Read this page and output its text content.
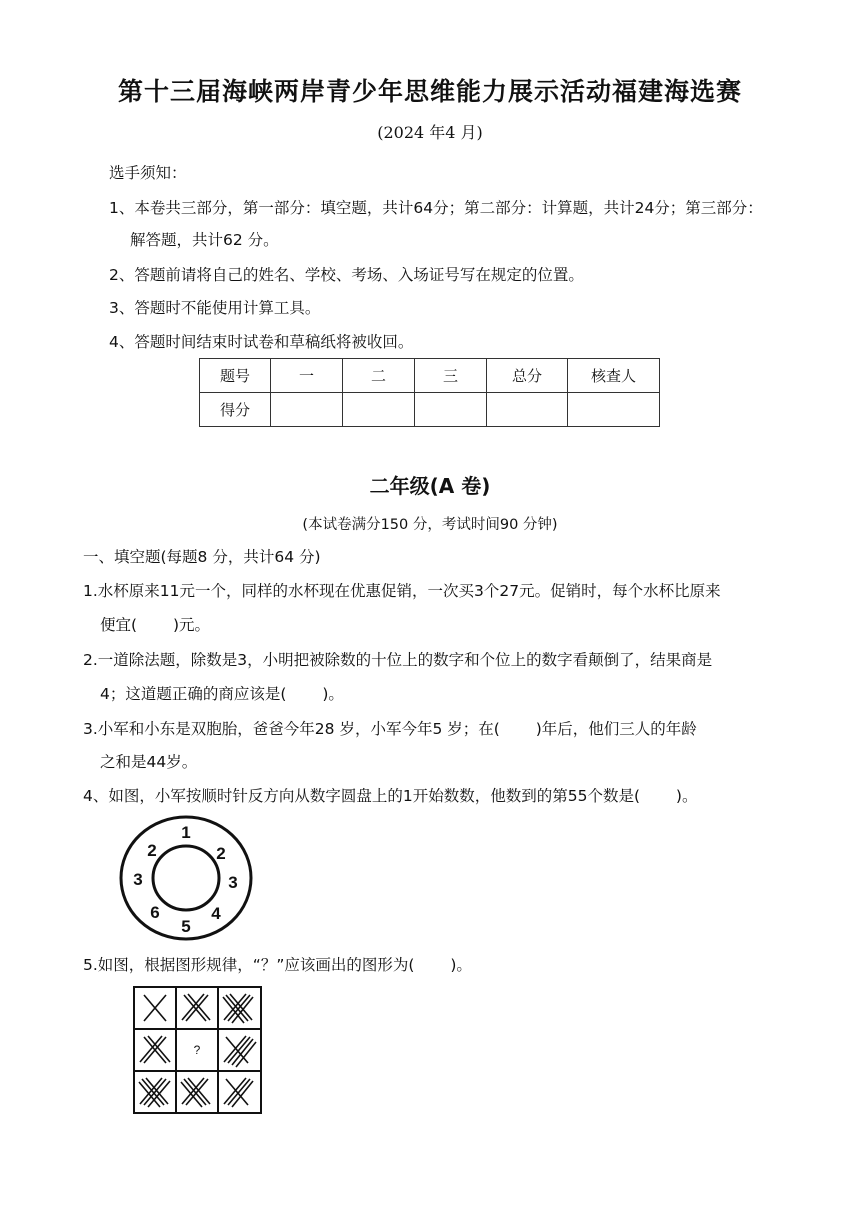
第十三届海峡两岸青少年思维能力展示活动福建海选赛
(2024 年4 月)
选手须知：
1、本卷共三部分，第一部分：填空题，共计64分；第二部分：计算题，共计24分；第三部分：
解答题，共计62 分。
2、答题前请将自己的姓名、学校、考场、入场证号写在规定的位置。
3、答题时不能使用计算工具。
4、答题时间结束时试卷和草稿纸将被收回。
题号	一	二	三	总分	核查人
得分					
二年级(A 卷)
(本试卷满分150 分，考试时间90 分钟)
一、填空题(每题8 分，共计64 分)
1.水杯原来11元一个，同样的水杯现在优惠促销，一次买3个27元。促销时，每个水杯比原来
便宜(　　 )元。
2.一道除法题，除数是3，小明把被除数的十位上的数字和个位上的数字看颠倒了，结果商是
4；这道题正确的商应该是(　　 )。
3.小军和小东是双胞胎，爸爸今年28 岁，小军今年5 岁；在(　　 )年后，他们三人的年龄
之和是44岁。
4、如图，小军按顺时针反方向从数字圆盘上的1开始数数，他数到的第55个数是(　　 )。
1
2
3
4
5
6
3
2
5.如图，根据图形规律，“？”应该画出的图形为(　　 )。
?
